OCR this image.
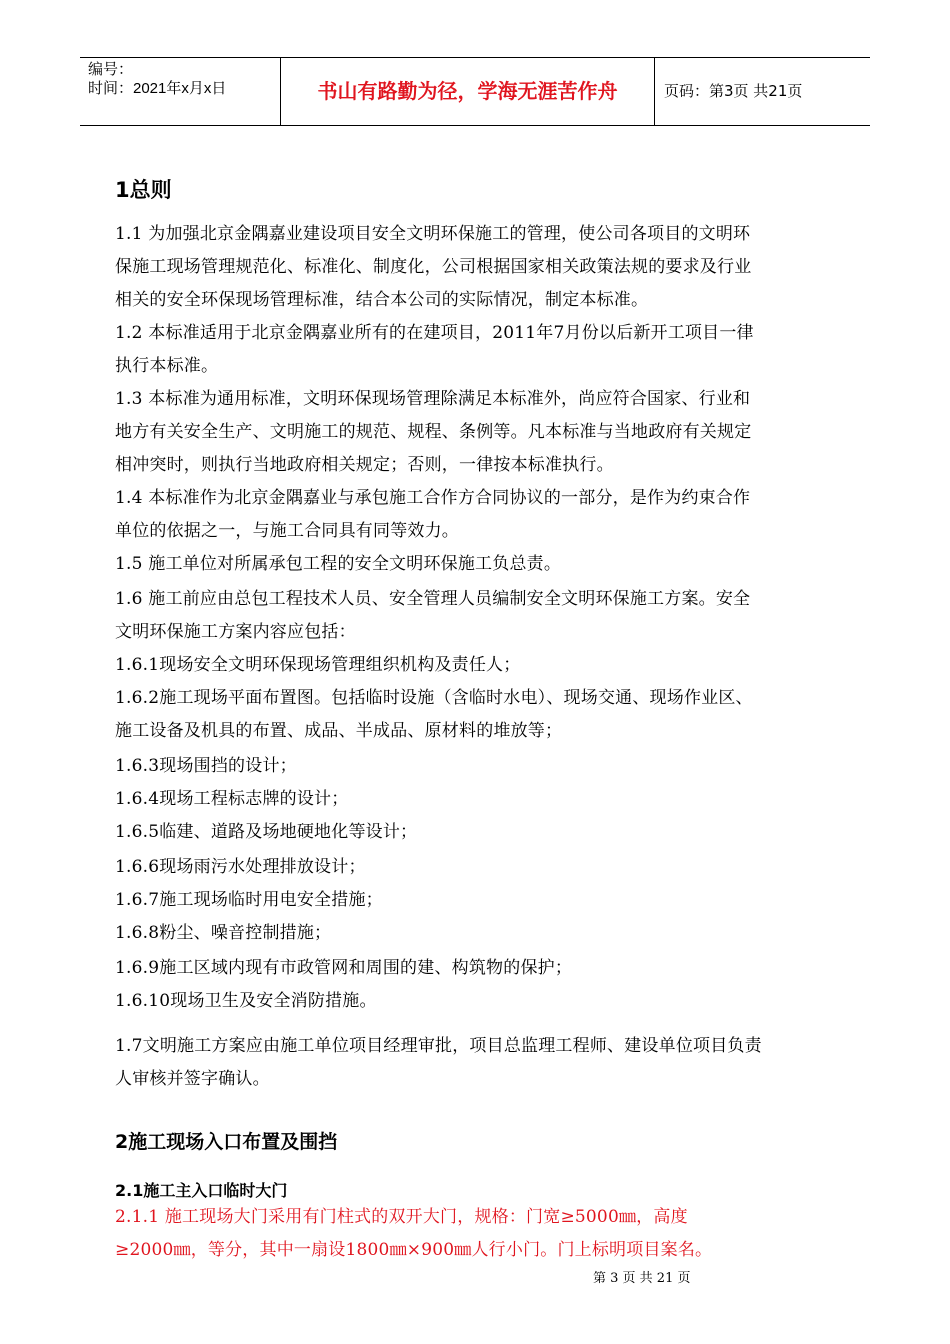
编号：
时间：2021年x月x日	书山有路勤为径，学海无涯苦作舟	页码：第3页 共21页
1总则
1.1 为加强北京金隅嘉业建设项目安全文明环保施工的管理，使公司各项目的文明环
保施工现场管理规范化、标准化、制度化，公司根据国家相关政策法规的要求及行业
相关的安全环保现场管理标准，结合本公司的实际情况，制定本标准。
1.2 本标准适用于北京金隅嘉业所有的在建项目，2011年7月份以后新开工项目一律
执行本标准。
1.3 本标准为通用标准，文明环保现场管理除满足本标准外，尚应符合国家、行业和
地方有关安全生产、文明施工的规范、规程、条例等。凡本标准与当地政府有关规定
相冲突时，则执行当地政府相关规定；否则，一律按本标准执行。
1.4 本标准作为北京金隅嘉业与承包施工合作方合同协议的一部分，是作为约束合作
单位的依据之一，与施工合同具有同等效力。
1.5 施工单位对所属承包工程的安全文明环保施工负总责。
1.6 施工前应由总包工程技术人员、安全管理人员编制安全文明环保施工方案。安全
文明环保施工方案内容应包括：
1.6.1现场安全文明环保现场管理组织机构及责任人；
1.6.2施工现场平面布置图。包括临时设施（含临时水电）、现场交通、现场作业区、
施工设备及机具的布置、成品、半成品、原材料的堆放等；
1.6.3现场围挡的设计；
1.6.4现场工程标志牌的设计；
1.6.5临建、道路及场地硬地化等设计；
1.6.6现场雨污水处理排放设计；
1.6.7施工现场临时用电安全措施；
1.6.8粉尘、噪音控制措施；
1.6.9施工区域内现有市政管网和周围的建、构筑物的保护；
1.6.10现场卫生及安全消防措施。
1.7文明施工方案应由施工单位项目经理审批，项目总监理工程师、建设单位项目负责
人审核并签字确认。
2施工现场入口布置及围挡
2.1施工主入口临时大门
2.1.1 施工现场大门采用有门柱式的双开大门，规格：门宽≥5000㎜，高度
≥2000㎜，等分，其中一扇设1800㎜×900㎜人行小门。门上标明项目案名。
第 3 页 共 21 页
